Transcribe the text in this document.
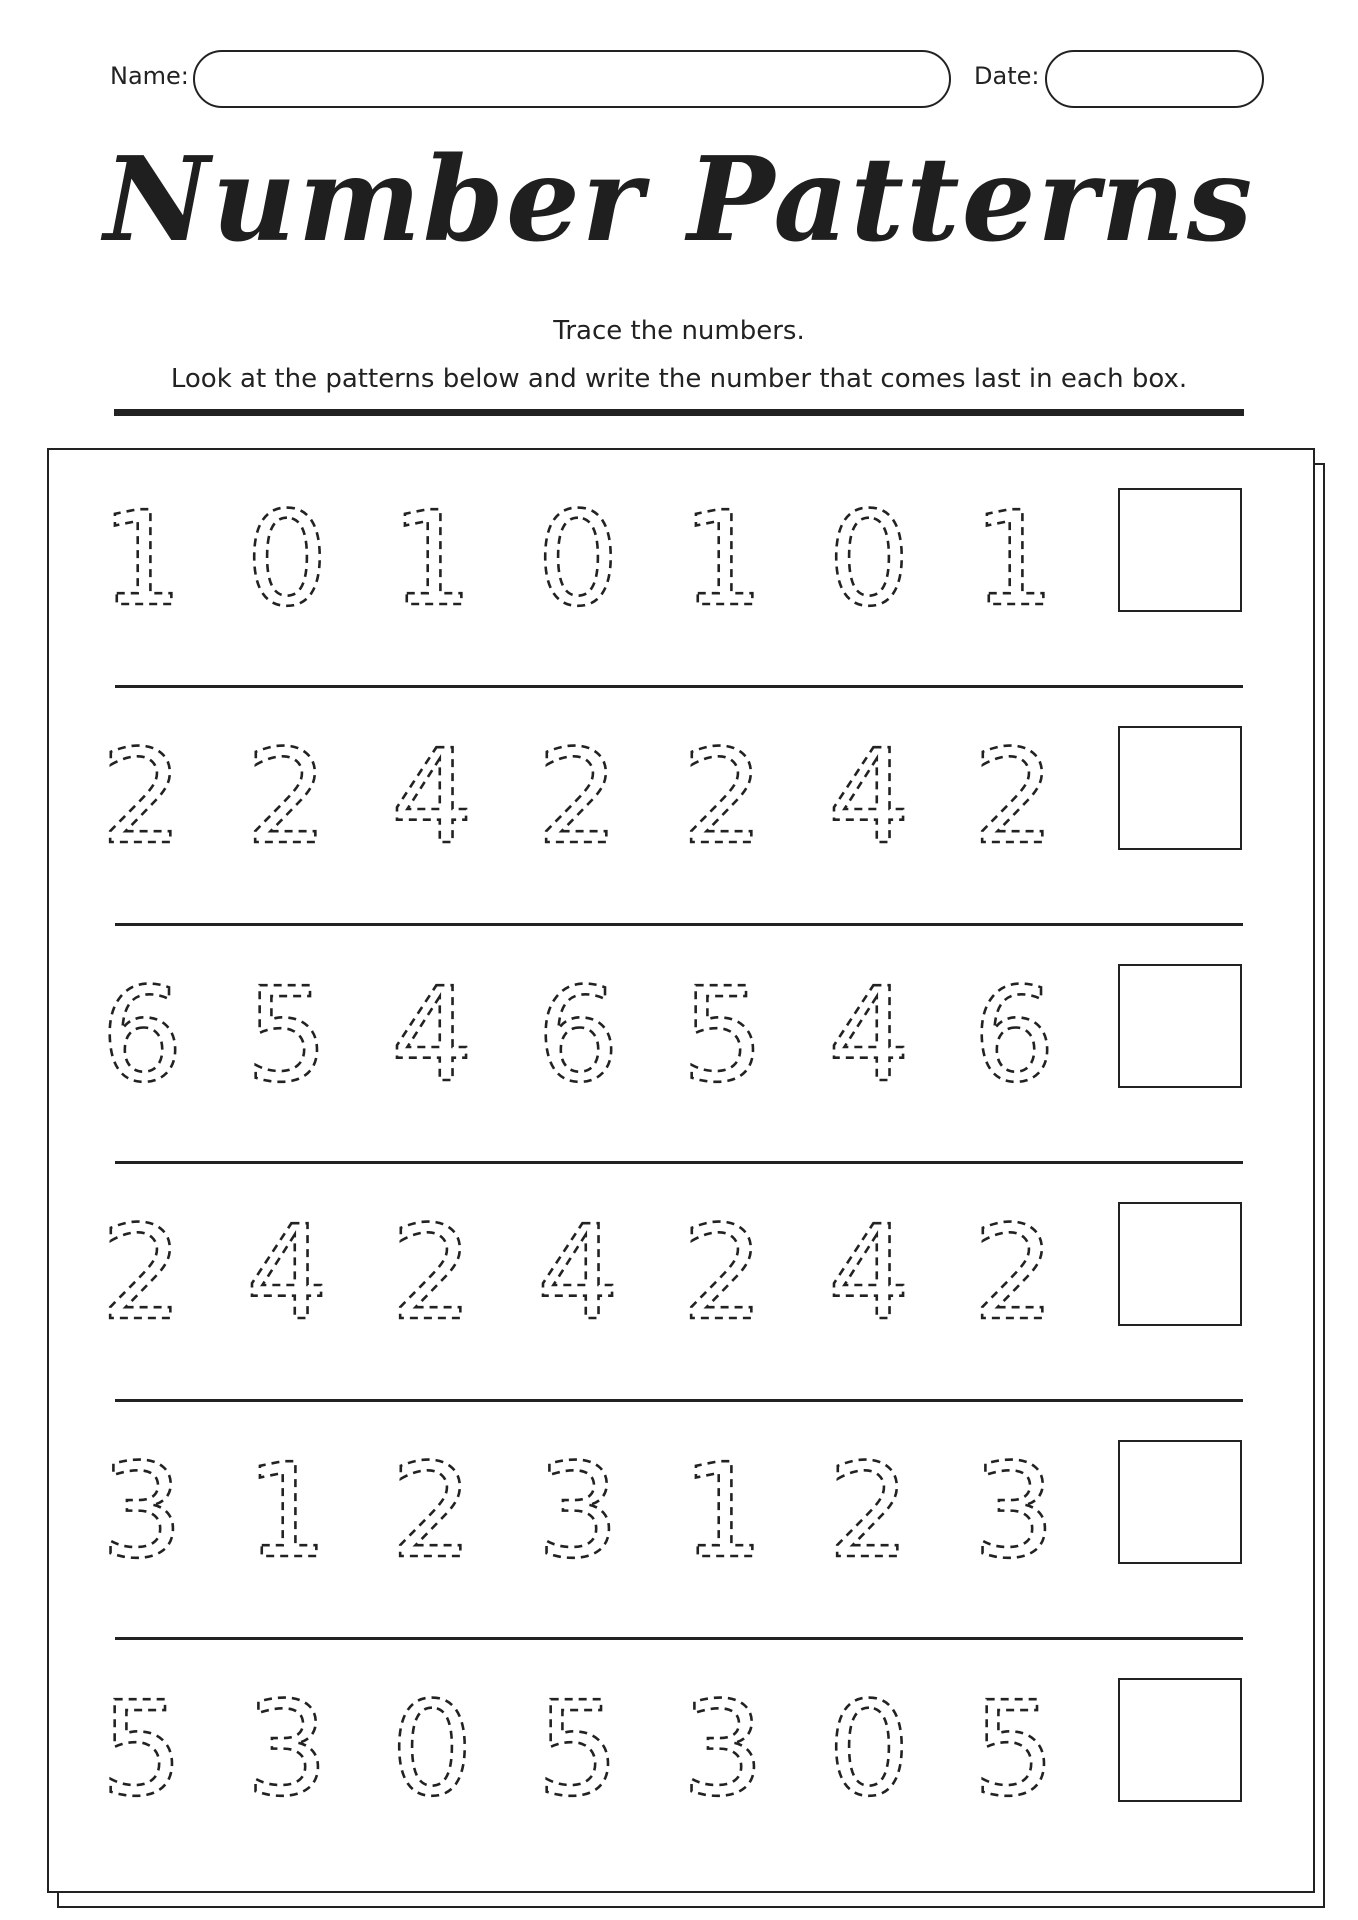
Name:	Date:
Number Patterns
Trace the numbers.
Look at the patterns below and write the number that comes last in each box.
1 0 1 0 1 0 1
2 2 4 2 2 4 2
6 5 4 6 5 4 6
2 4 2 4 2 4 2
3 1 2 3 1 2 3
5 3 0 5 3 0 5
